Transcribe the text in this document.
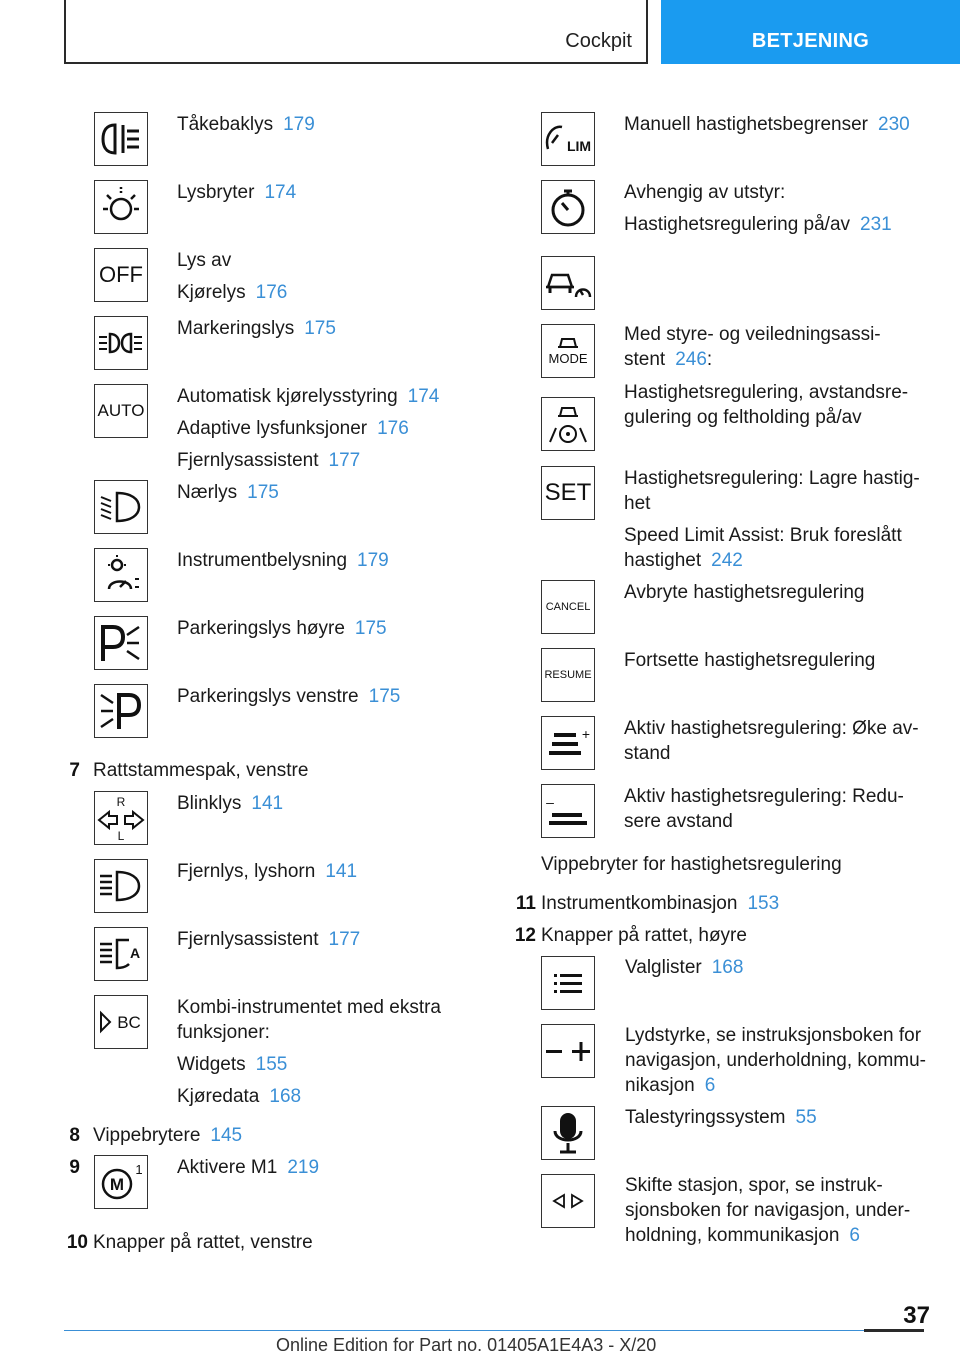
Cockpit	BETJENING
Tåkebaklys 179
Lysbryter 174
OFF
Lys av
Kjørelys 176
Markeringslys 175
AUTO
Automatisk kjørelysstyring 174
Adaptive lysfunksjoner 176
Fjernlysassistent 177
Nærlys 175
Instrumentbelysning 179
Parkeringslys høyre 175
Parkeringslys venstre 175
7 Rattstammespak, venstre
R
L
Blinklys 141
Fjernlys, lyshorn 141
A
Fjernlysassistent 177
BC
Kombi-instrumentet med ekstra
funksjoner:
Widgets 155
Kjøredata 168
8 Vippebrytere 145
9
M
1 Aktivere M1 219
10 Knapper på rattet, venstre
LIM
Manuell hastighetsbegrenser 230
Avhengig av utstyr:
Hastighetsregulering på/av 231
MODE
Med styre- og veiledningsassi-
stent 246:
Hastighetsregulering, avstandsre-
gulering og feltholding på/av
SET
Hastighetsregulering: Lagre hastig-
het
Speed Limit Assist: Bruk foreslått
hastighet 242
CANCEL
Avbryte hastighetsregulering
RESUME
Fortsette hastighetsregulering
+ Aktiv hastighetsregulering: Øke av-
stand
–	Aktiv hastighetsregulering: Redu-
sere avstand
Vippebryter for hastighetsregulering
11 Instrumentkombinasjon 153
12 Knapper på rattet, høyre
Valglister 168
Lydstyrke, se instruksjonsboken for
navigasjon, underholdning, kommu-
nikasjon 6
Talestyringssystem 55
Skifte stasjon, spor, se instruk-
sjonsboken for navigasjon, under-
holdning, kommunikasjon 6
37
Online Edition for Part no. 01405A1E4A3 - X/20
